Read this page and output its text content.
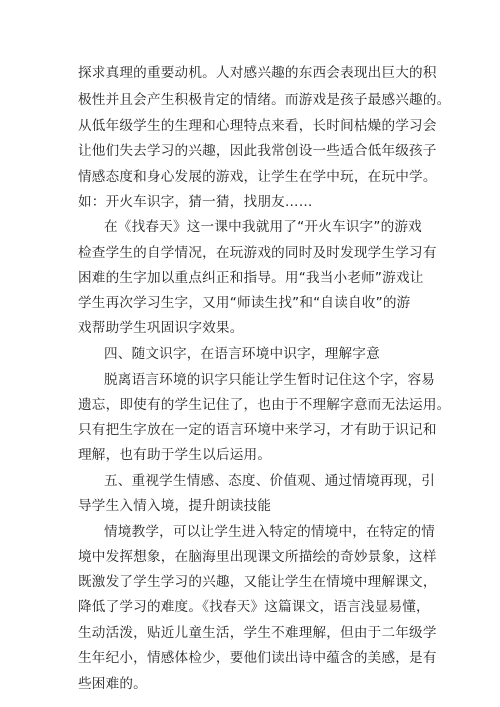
探求真理的重要动机。人对感兴趣的东西会表现出巨大的积
极性并且会产生积极肯定的情绪。而游戏是孩子最感兴趣的。
从低年级学生的生理和心理特点来看，长时间枯燥的学习会
让他们失去学习的兴趣，因此我常创设一些适合低年级孩子
情感态度和身心发展的游戏，让学生在学中玩，在玩中学。
如：开火车识字，猜一猜，找朋友……
在《找春天》这一课中我就用了“开火车识字”的游戏
检查学生的自学情况，在玩游戏的同时及时发现学生学习有
困难的生字加以重点纠正和指导。用“我当小老师”游戏让
学生再次学习生字，又用“师读生找”和“自读自收”的游
戏帮助学生巩固识字效果。
四、随文识字，在语言环境中识字，理解字意
脱离语言环境的识字只能让学生暂时记住这个字，容易
遗忘，即使有的学生记住了，也由于不理解字意而无法运用。
只有把生字放在一定的语言环境中来学习，才有助于识记和
理解，也有助于学生以后运用。
五、重视学生情感、态度、价值观、通过情境再现，引
导学生入情入境，提升朗读技能
情境教学，可以让学生进入特定的情境中，在特定的情
境中发挥想象，在脑海里出现课文所描绘的奇妙景象，这样
既激发了学生学习的兴趣，又能让学生在情境中理解课文，
降低了学习的难度。《找春天》这篇课文，语言浅显易懂，
生动活泼，贴近儿童生活，学生不难理解，但由于二年级学
生年纪小，情感体检少，要他们读出诗中蕴含的美感，是有
些困难的。
